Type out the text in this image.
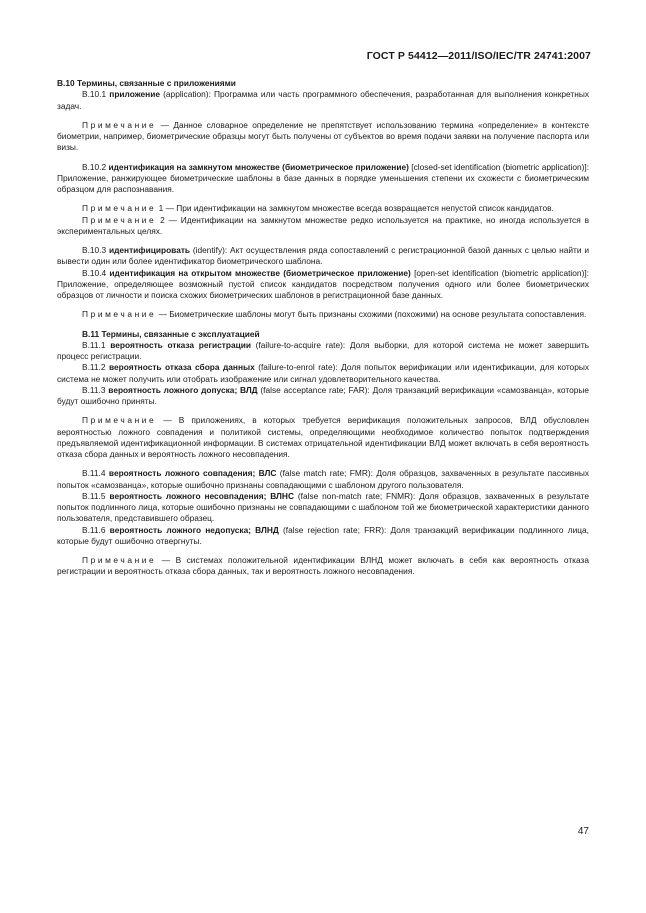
ГОСТ Р 54412—2011/ISO/IEC/TR 24741:2007

B.10 Термины, связанные с приложениями

B.10.1 приложение (application): Программа или часть программного обеспечения, разработанная для выполнения конкретных задач.

Примечание — Данное словарное определение не препятствует использованию термина «определение» в контексте биометрии, например, биометрические образцы могут быть получены от субъектов во время подачи заявки на получение паспорта или визы.

B.10.2 идентификация на замкнутом множестве (биометрическое приложение) [closed-set identification (biometric application)]: Приложение, ранжирующее биометрические шаблоны в базе данных в порядке уменьшения степени их схожести с биометрическим образцом для распознавания.

Примечание 1 — При идентификации на замкнутом множестве всегда возвращается непустой список кандидатов.

Примечание 2 — Идентификации на замкнутом множестве редко используется на практике, но иногда используется в экспериментальных целях.

B.10.3 идентифицировать (identify): Акт осуществления ряда сопоставлений с регистрационной базой данных с целью найти и вывести один или более идентификатор биометрического шаблона.

B.10.4 идентификация на открытом множестве (биометрическое приложение) [open-set identification (biometric application)]: Приложение, определяющее возможный пустой список кандидатов посредством получения одного или более биометрических образцов от личности и поиска схожих биометрических шаблонов в регистрационной базе данных.

Примечание — Биометрические шаблоны могут быть признаны схожими (похожими) на основе результата сопоставления.

B.11 Термины, связанные с эксплуатацией

B.11.1 вероятность отказа регистрации (failure-to-acquire rate): Доля выборки, для которой система не может завершить процесс регистрации.

B.11.2 вероятность отказа сбора данных (failure-to-enrol rate): Доля попыток верификации или идентификации, для которых система не может получить или отобрать изображение или сигнал удовлетворительного качества.

B.11.3 вероятность ложного допуска; ВЛД (false acceptance rate; FAR): Доля транзакций верификации «самозванца», которые будут ошибочно приняты.

Примечание — В приложениях, в которых требуется верификация положительных запросов, ВЛД обусловлен вероятностью ложного совпадения и политикой системы, определяющими необходимое количество попыток подтверждения предъявляемой идентификационной информации. В системах отрицательной идентификации ВЛД может включать в себя вероятность отказа сбора данных и вероятность ложного несовпадения.

B.11.4 вероятность ложного совпадения; ВЛС (false match rate; FMR): Доля образцов, захваченных в результате пассивных попыток «самозванца», которые ошибочно признаны совпадающими с шаблоном другого пользователя.

B.11.5 вероятность ложного несовпадения; ВЛНС (false non-match rate; FNMR): Доля образцов, захваченных в результате попыток подлинного лица, которые ошибочно признаны не совпадающими с шаблоном той же биометрической характеристики данного пользователя, представившего образец.

B.11.6 вероятность ложного недопуска; ВЛНД (false rejection rate; FRR): Доля транзакций верификации подлинного лица, которые будут ошибочно отвергнуты.

Примечание — В системах положительной идентификации ВЛНД может включать в себя как вероятность отказа регистрации и вероятность отказа сбора данных, так и вероятность ложного несовпадения.

47
